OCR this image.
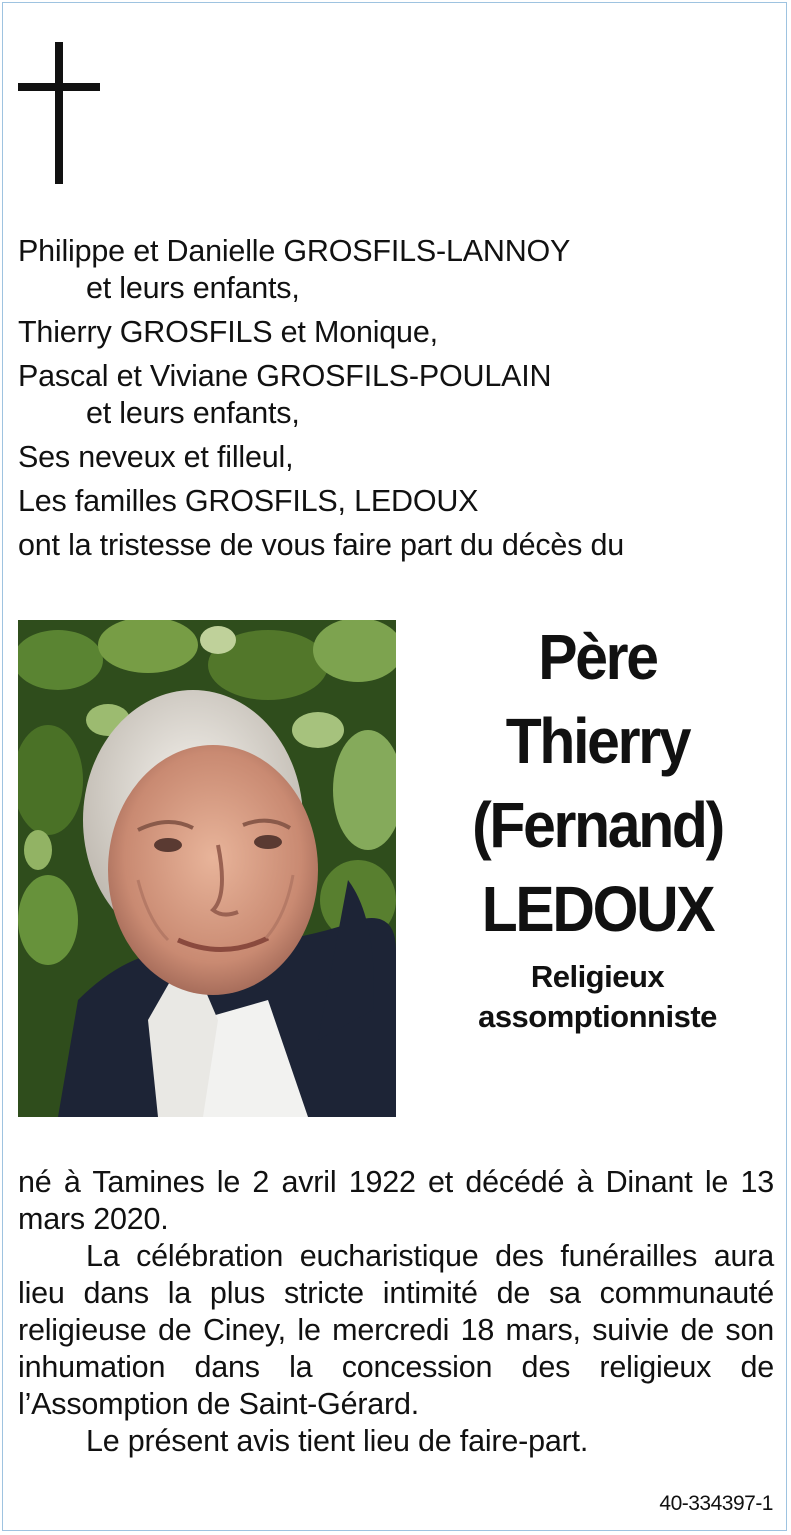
Philippe et Danielle GROSFILS-LANNOY
et leurs enfants,
Thierry GROSFILS et Monique,
Pascal et Viviane GROSFILS-POULAIN
et leurs enfants,
Ses neveux et filleul,
Les familles GROSFILS, LEDOUX
ont la tristesse de vous faire part du décès du
Père
Thierry
(Fernand)
LEDOUX
Religieux
assomptionniste

né à Tamines le 2 avril 1922 et décédé à Dinant le 13 mars 2020.

La célébration eucharistique des funérailles aura lieu dans la plus stricte intimité de sa communauté religieuse de Ciney, le mercredi 18 mars, suivie de son inhumation dans la concession des religieux de l’Assomption de Saint-Gérard.

Le présent avis tient lieu de faire-part.

40-334397-1
